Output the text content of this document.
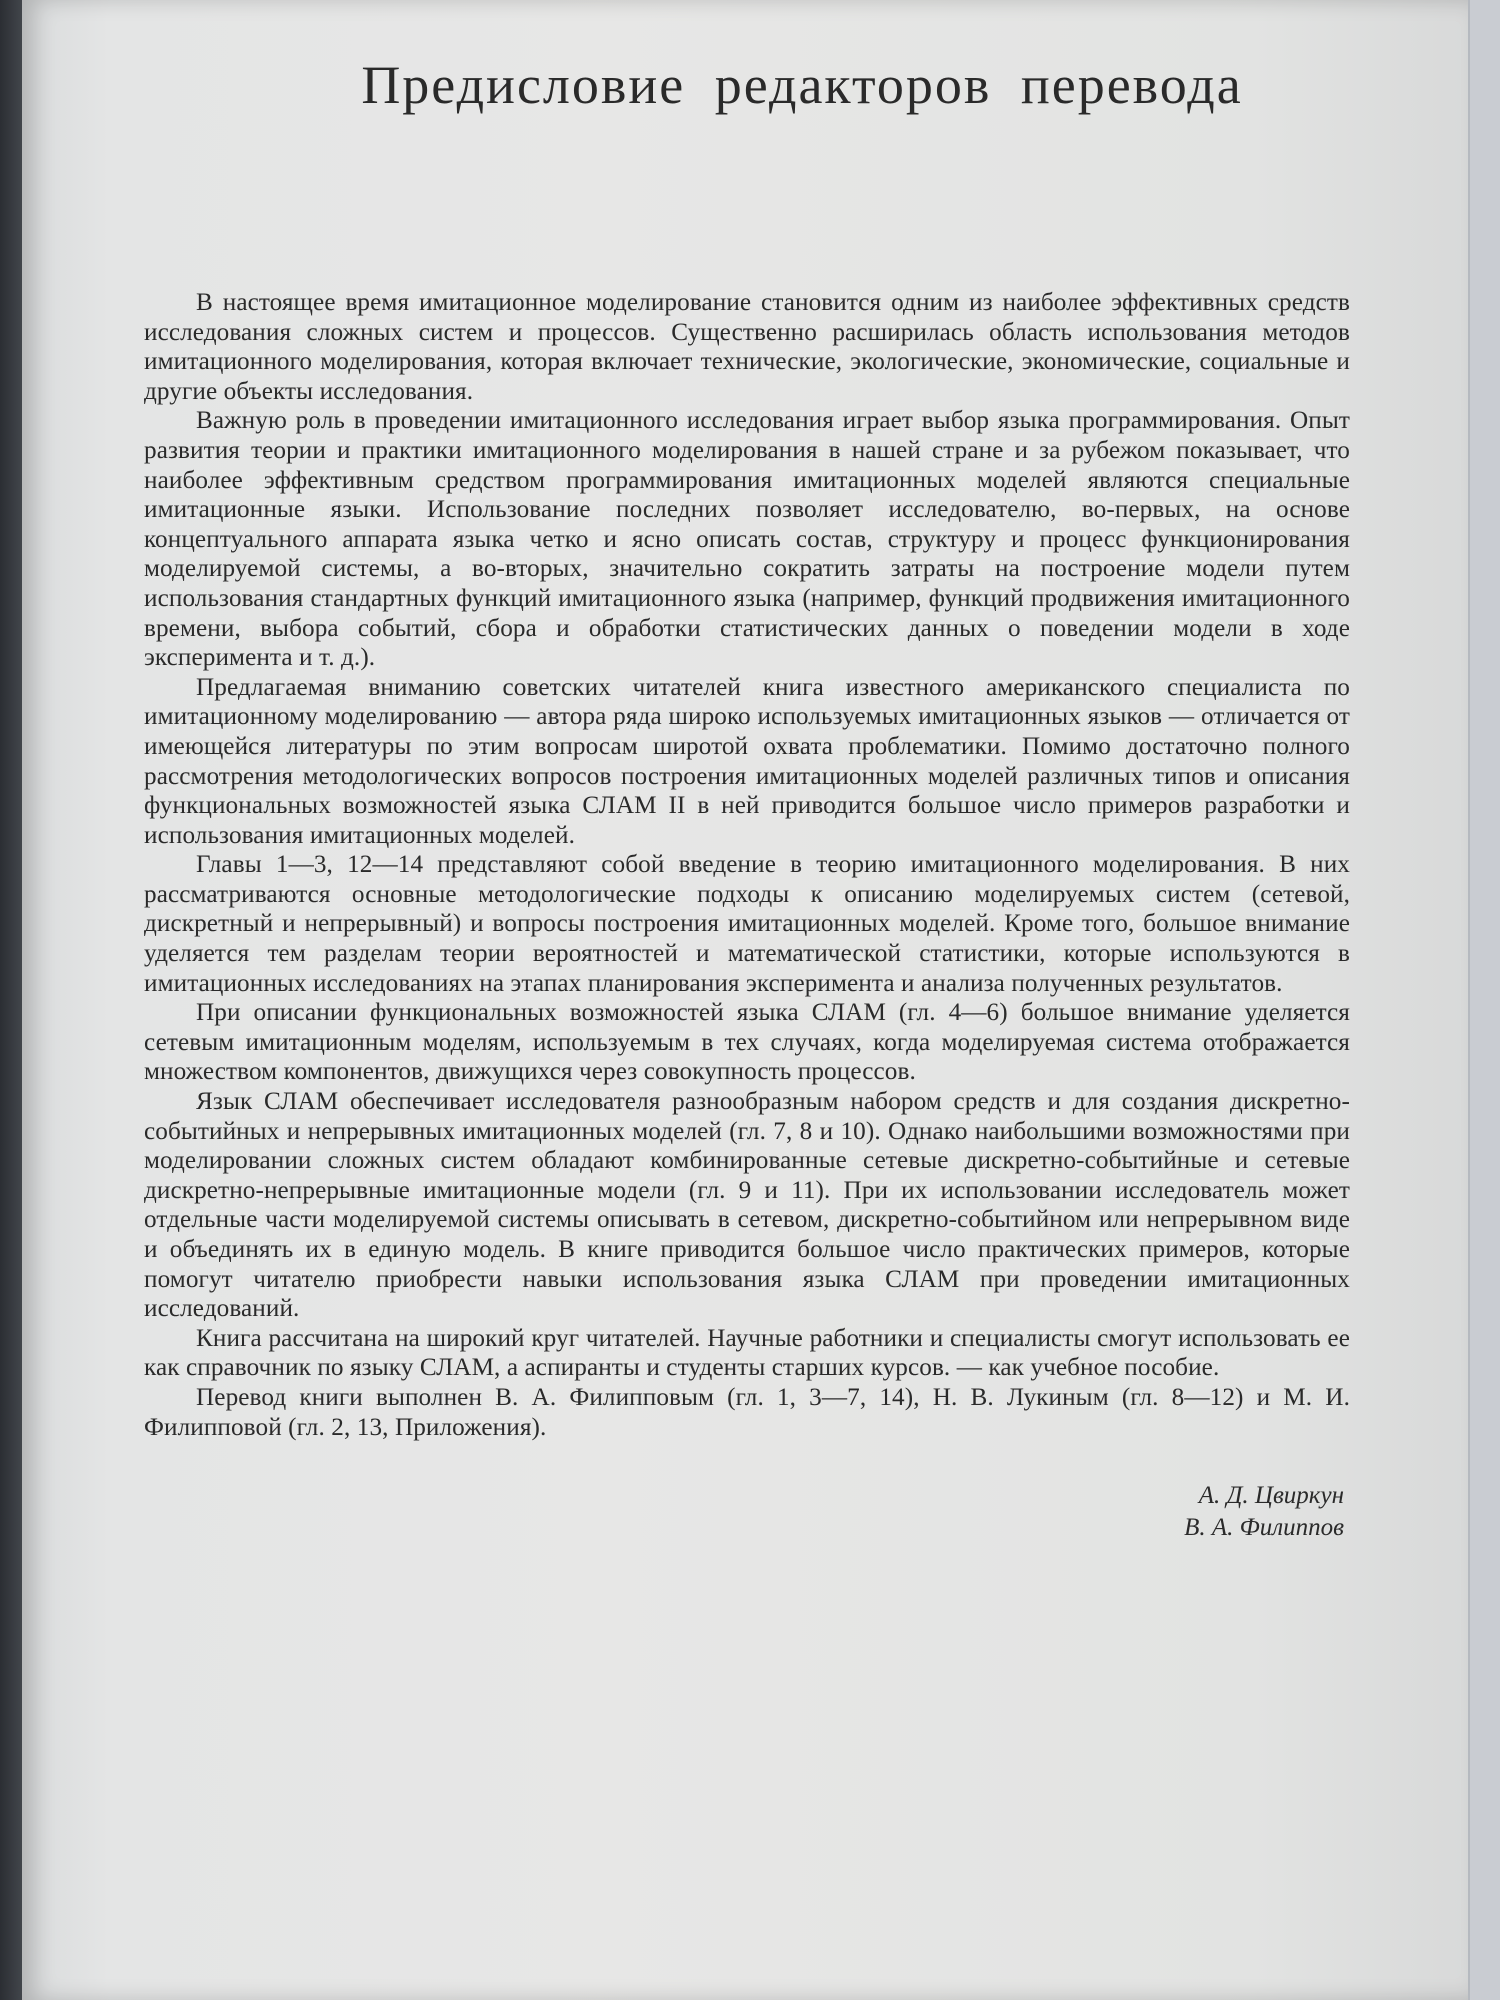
Предисловие редакторов перевода

В настоящее время имитационное моделирование становится одним из наиболее эффективных средств исследования сложных систем и процессов. Существенно расширилась область использования методов имитационного моделирования, которая включает технические, экологические, экономические, социальные и другие объекты исследования.

Важную роль в проведении имитационного исследования играет выбор языка программирования. Опыт развития теории и практики имитационного моделирования в нашей стране и за рубежом показывает, что наиболее эффективным средством программирования имитационных моделей являются специальные имитационные языки. Использование последних позволяет исследователю, во-первых, на основе концептуального аппарата языка четко и ясно описать состав, структуру и процесс функционирования моделируемой системы, а во-вторых, значительно сократить затраты на построение модели путем использования стандартных функций имитационного языка (например, функций продвижения имитационного времени, выбора событий, сбора и обработки статистических данных о поведении модели в ходе эксперимента и т. д.).

Предлагаемая вниманию советских читателей книга известного американского специалиста по имитационному моделированию — автора ряда широко используемых имитационных языков — отличается от имеющейся литературы по этим вопросам широтой охвата проблематики. Помимо достаточно полного рассмотрения методологических вопросов построения имитационных моделей различных типов и описания функциональных возможностей языка СЛАМ II в ней приводится большое число примеров разработки и использования имитационных моделей.

Главы 1—3, 12—14 представляют собой введение в теорию имитационного моделирования. В них рассматриваются основные методологические подходы к описанию моделируемых систем (сетевой, дискретный и непрерывный) и вопросы построения имитационных моделей. Кроме того, большое внимание уделяется тем разделам теории вероятностей и математической статистики, которые используются в имитационных исследованиях на этапах планирования эксперимента и анализа полученных результатов.

При описании функциональных возможностей языка СЛАМ (гл. 4—6) большое внимание уделяется сетевым имитационным моделям, используемым в тех случаях, когда моделируемая система отображается множеством компонентов, движущихся через совокупность процессов.

Язык СЛАМ обеспечивает исследователя разнообразным набором средств и для создания дискретно-событийных и непрерывных имитационных моделей (гл. 7, 8 и 10). Однако наибольшими возможностями при моделировании сложных систем обладают комбинированные сетевые дискретно-событийные и сетевые дискретно-непрерывные имитационные модели (гл. 9 и 11). При их использовании исследователь может отдельные части моделируемой системы описывать в сетевом, дискретно-событийном или непрерывном виде и объединять их в единую модель. В книге приводится большое число практических примеров, которые помогут читателю приобрести навыки использования языка СЛАМ при проведении имитационных исследований.

Книга рассчитана на широкий круг читателей. Научные работники и специалисты смогут использовать ее как справочник по языку СЛАМ, а аспиранты и студенты старших курсов. — как учебное пособие.

Перевод книги выполнен В. А. Филипповым (гл. 1, 3—7, 14), Н. В. Лукиным (гл. 8—12) и М. И. Филипповой (гл. 2, 13, Приложения).

А. Д. Цвиркун
В. А. Филиппов
